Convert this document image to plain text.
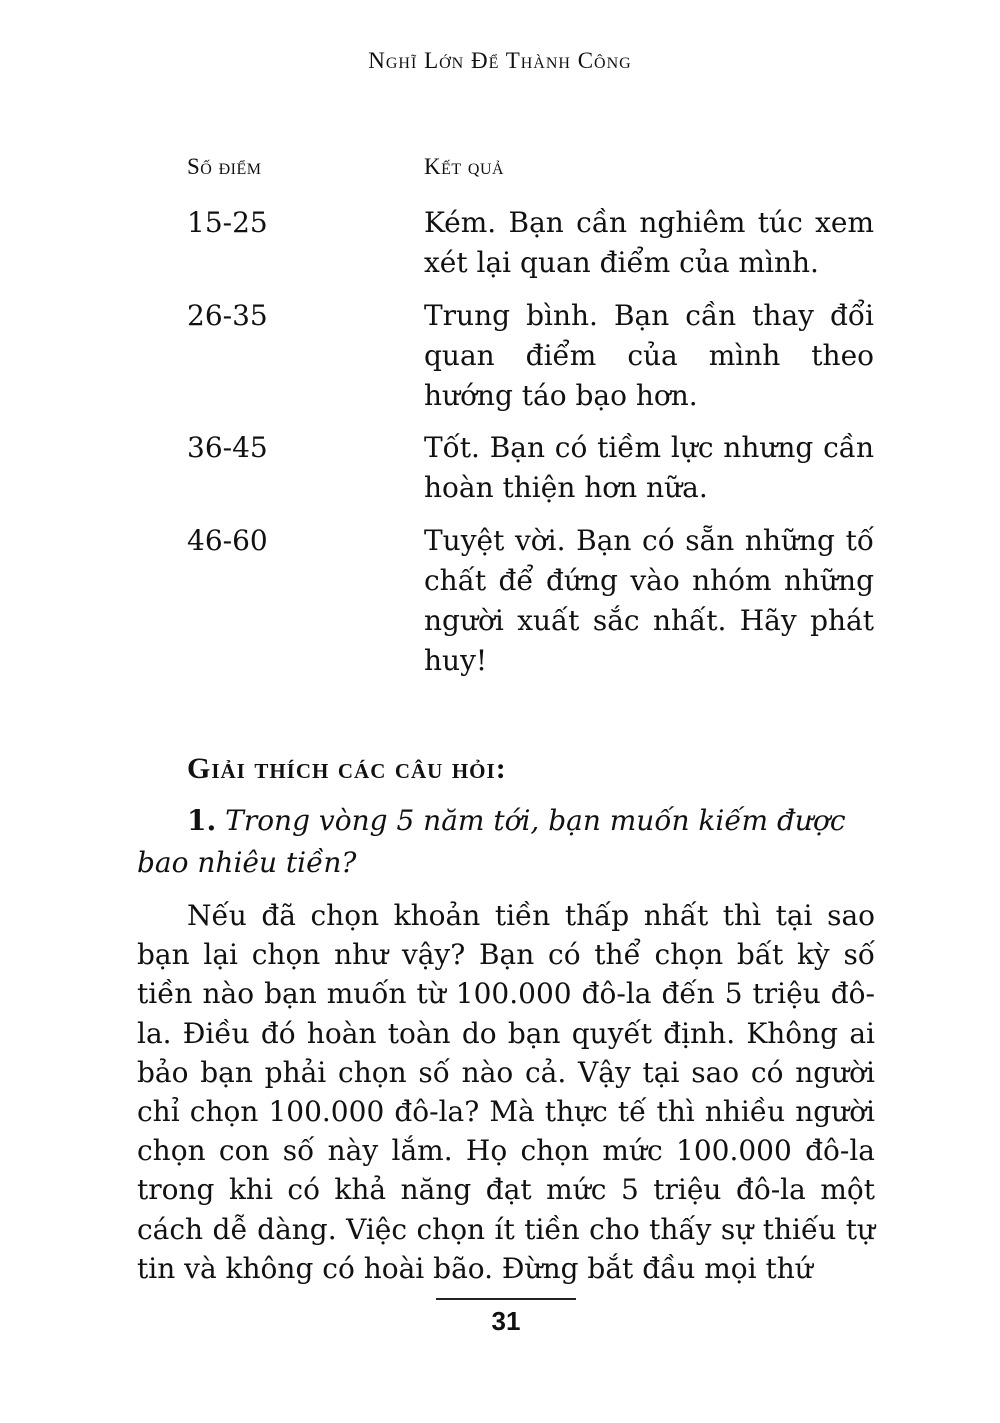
Nghĩ Lớn Để Thành Công
Số điểm	Kết quả
15-25	Kém. Bạn cần nghiêm túc xem xét lại quan điểm của mình.
26-35	Trung bình. Bạn cần thay đổi quan điểm của mình theo hướng táo bạo hơn.
36-45	Tốt. Bạn có tiềm lực nhưng cần hoàn thiện hơn nữa.
46-60	Tuyệt vời. Bạn có sẵn những tố chất để đứng vào nhóm những người xuất sắc nhất. Hãy phát huy!
Giải thích các câu hỏi:
1. Trong vòng 5 năm tới, bạn muốn kiếm được bao nhiêu tiền?
Nếu đã chọn khoản tiền thấp nhất thì tại sao bạn lại chọn như vậy? Bạn có thể chọn bất kỳ số tiền nào bạn muốn từ 100.000 đô-la đến 5 triệu đô-la. Điều đó hoàn toàn do bạn quyết định. Không ai bảo bạn phải chọn số nào cả. Vậy tại sao có người chỉ chọn 100.000 đô-la? Mà thực tế thì nhiều người chọn con số này lắm. Họ chọn mức 100.000 đô-la trong khi có khả năng đạt mức 5 triệu đô-la một cách dễ dàng. Việc chọn ít tiền cho thấy sự thiếu tự tin và không có hoài bão. Đừng bắt đầu mọi thứ
31
